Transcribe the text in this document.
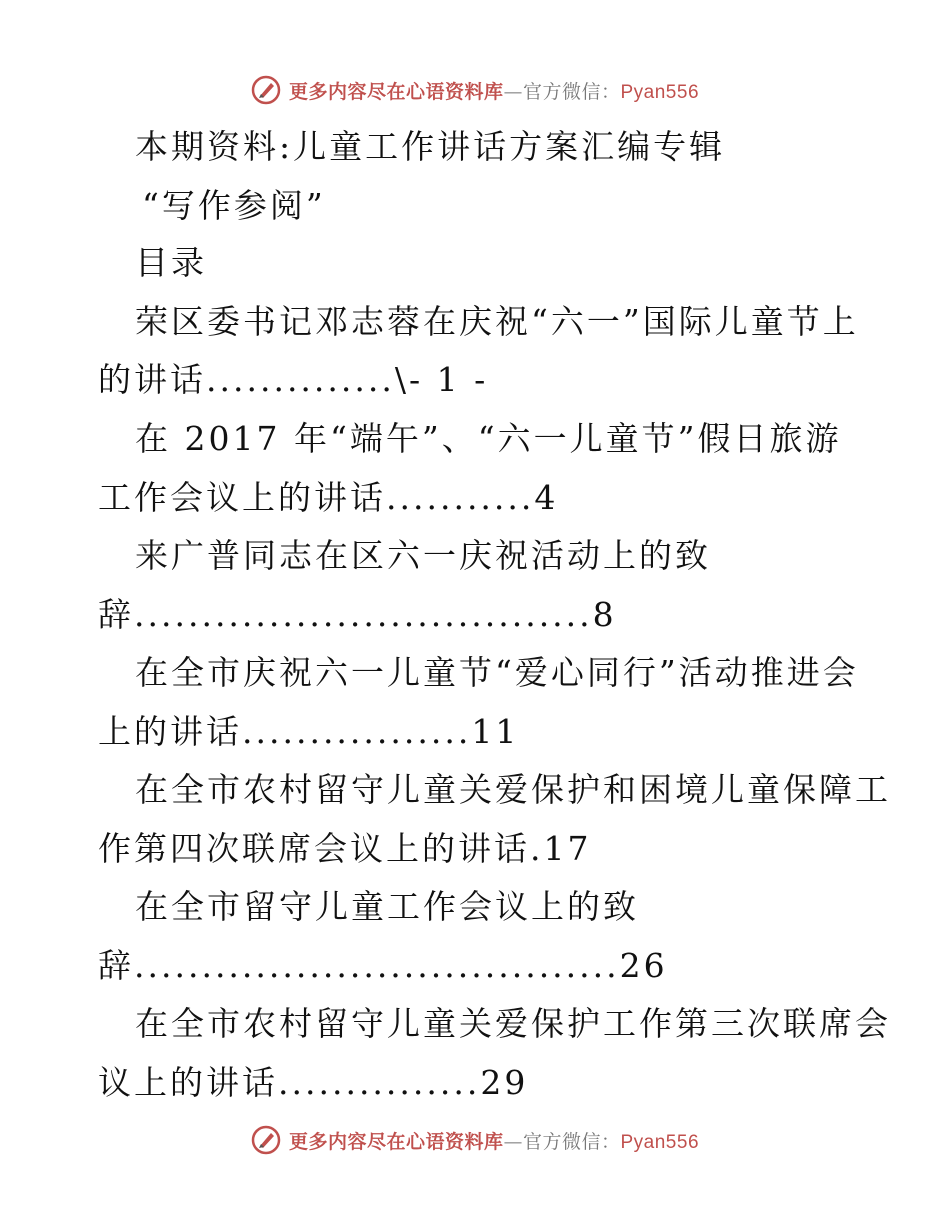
更多内容尽在心语资料库—官方微信：Pyan556
本期资料:儿童工作讲话方案汇编专辑
“写作参阅”
目录
荣区委书记邓志蓉在庆祝“六一”国际儿童节上
的讲话..............\- 1 -
在 2017 年“端午”、“六一儿童节”假日旅游
工作会议上的讲话...........4
来广普同志在区六一庆祝活动上的致
辞..................................8
在全市庆祝六一儿童节“爱心同行”活动推进会
上的讲话.................11
在全市农村留守儿童关爱保护和困境儿童保障工
作第四次联席会议上的讲话.17
在全市留守儿童工作会议上的致
辞....................................26
在全市农村留守儿童关爱保护工作第三次联席会
议上的讲话...............29
更多内容尽在心语资料库—官方微信：Pyan556
